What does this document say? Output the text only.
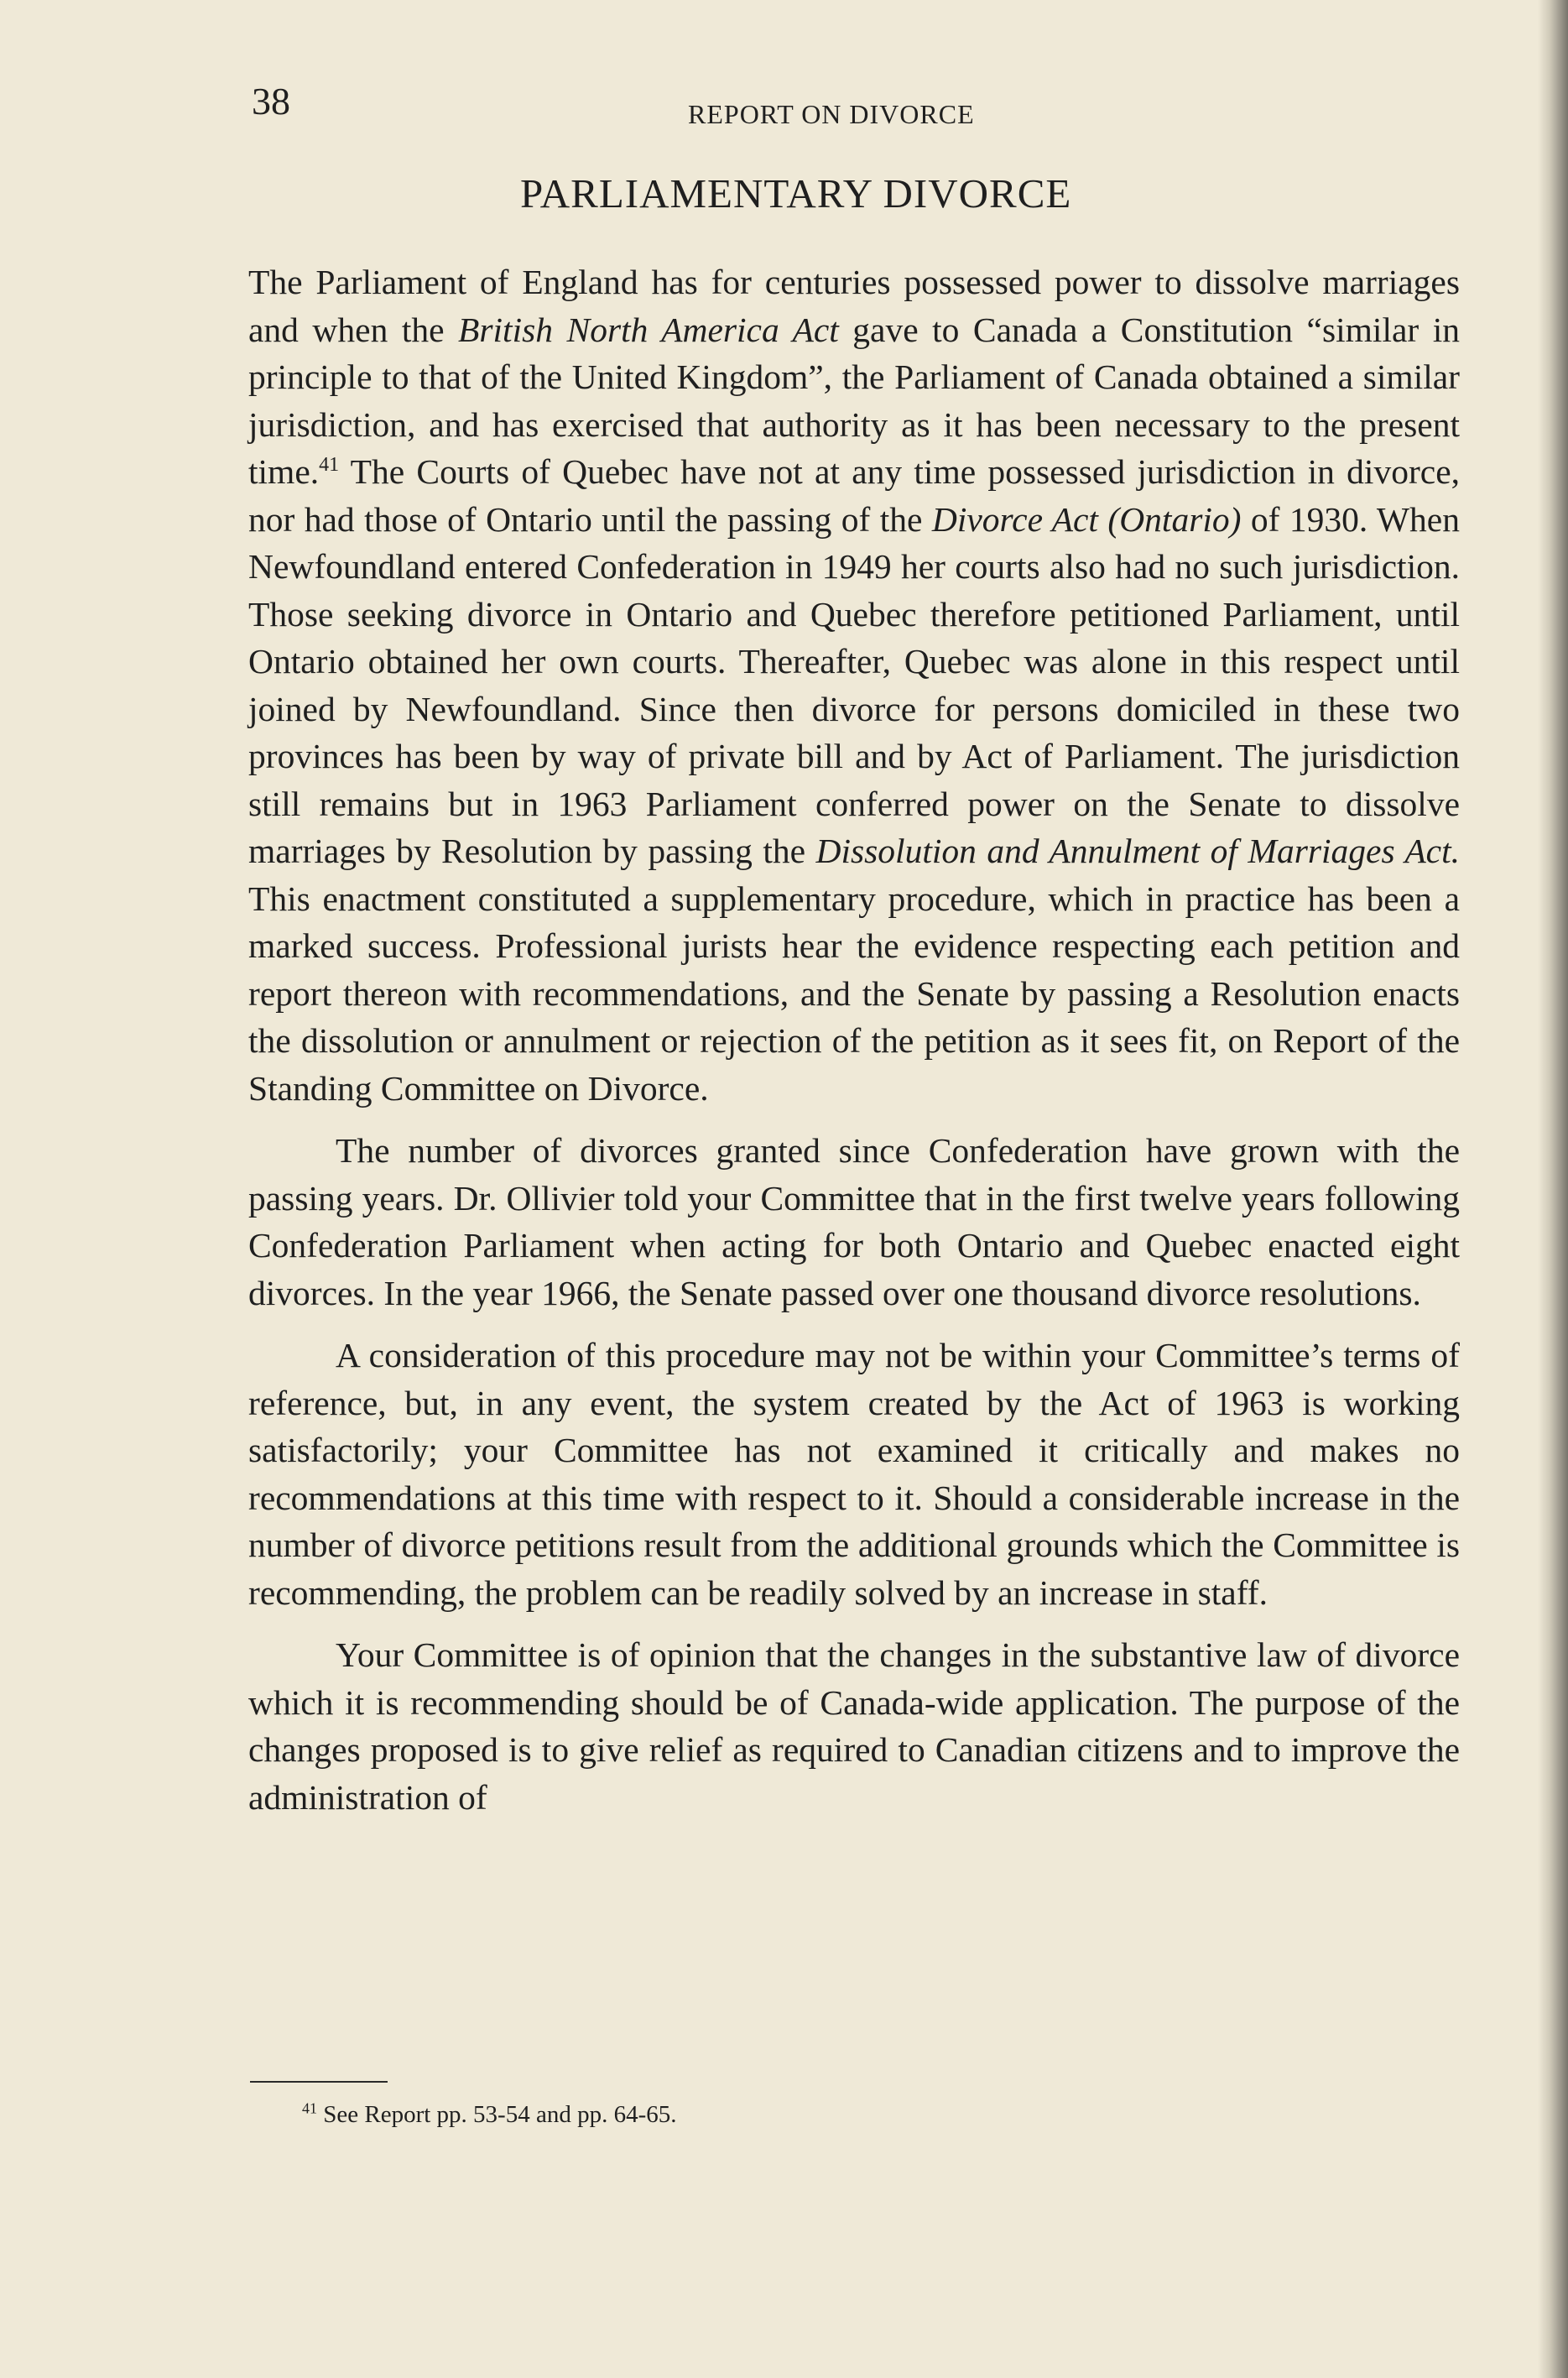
38	REPORT ON DIVORCE
PARLIAMENTARY DIVORCE

The Parliament of England has for centuries possessed power to dissolve marriages and when the British North America Act gave to Canada a Constitution “similar in principle to that of the United Kingdom”, the Parliament of Canada obtained a similar jurisdiction, and has exercised that authority as it has been necessary to the present time.$^{41}$ The Courts of Quebec have not at any time possessed jurisdiction in divorce, nor had those of Ontario until the passing of the Divorce Act (Ontario) of 1930. When Newfoundland entered Confederation in 1949 her courts also had no such jurisdiction. Those seeking divorce in Ontario and Quebec therefore petitioned Parliament, until Ontario obtained her own courts. Thereafter, Quebec was alone in this respect until joined by Newfoundland. Since then divorce for persons domiciled in these two provinces has been by way of private bill and by Act of Parliament. The jurisdiction still remains but in 1963 Parliament conferred power on the Senate to dissolve marriages by Resolution by passing the Dissolution and Annulment of Marriages Act. This enactment constituted a supplementary procedure, which in practice has been a marked success. Professional jurists hear the evidence respecting each petition and report thereon with recommendations, and the Senate by passing a Resolution enacts the dissolution or annulment or rejection of the petition as it sees fit, on Report of the Standing Committee on Divorce.

The number of divorces granted since Confederation have grown with the passing years. Dr. Ollivier told your Committee that in the first twelve years following Confederation Parliament when acting for both Ontario and Quebec enacted eight divorces. In the year 1966, the Senate passed over one thousand divorce resolutions.

A consideration of this procedure may not be within your Committee’s terms of reference, but, in any event, the system created by the Act of 1963 is working satisfactorily; your Committee has not examined it critically and makes no recommendations at this time with respect to it. Should a considerable increase in the number of divorce petitions result from the additional grounds which the Committee is recommending, the problem can be readily solved by an increase in staff.

Your Committee is of opinion that the changes in the substantive law of divorce which it is recommending should be of Canada-wide application. The purpose of the changes proposed is to give relief as required to Canadian citizens and to improve the administration of

$^{41}$ See Report pp. 53-54 and pp. 64-65.
